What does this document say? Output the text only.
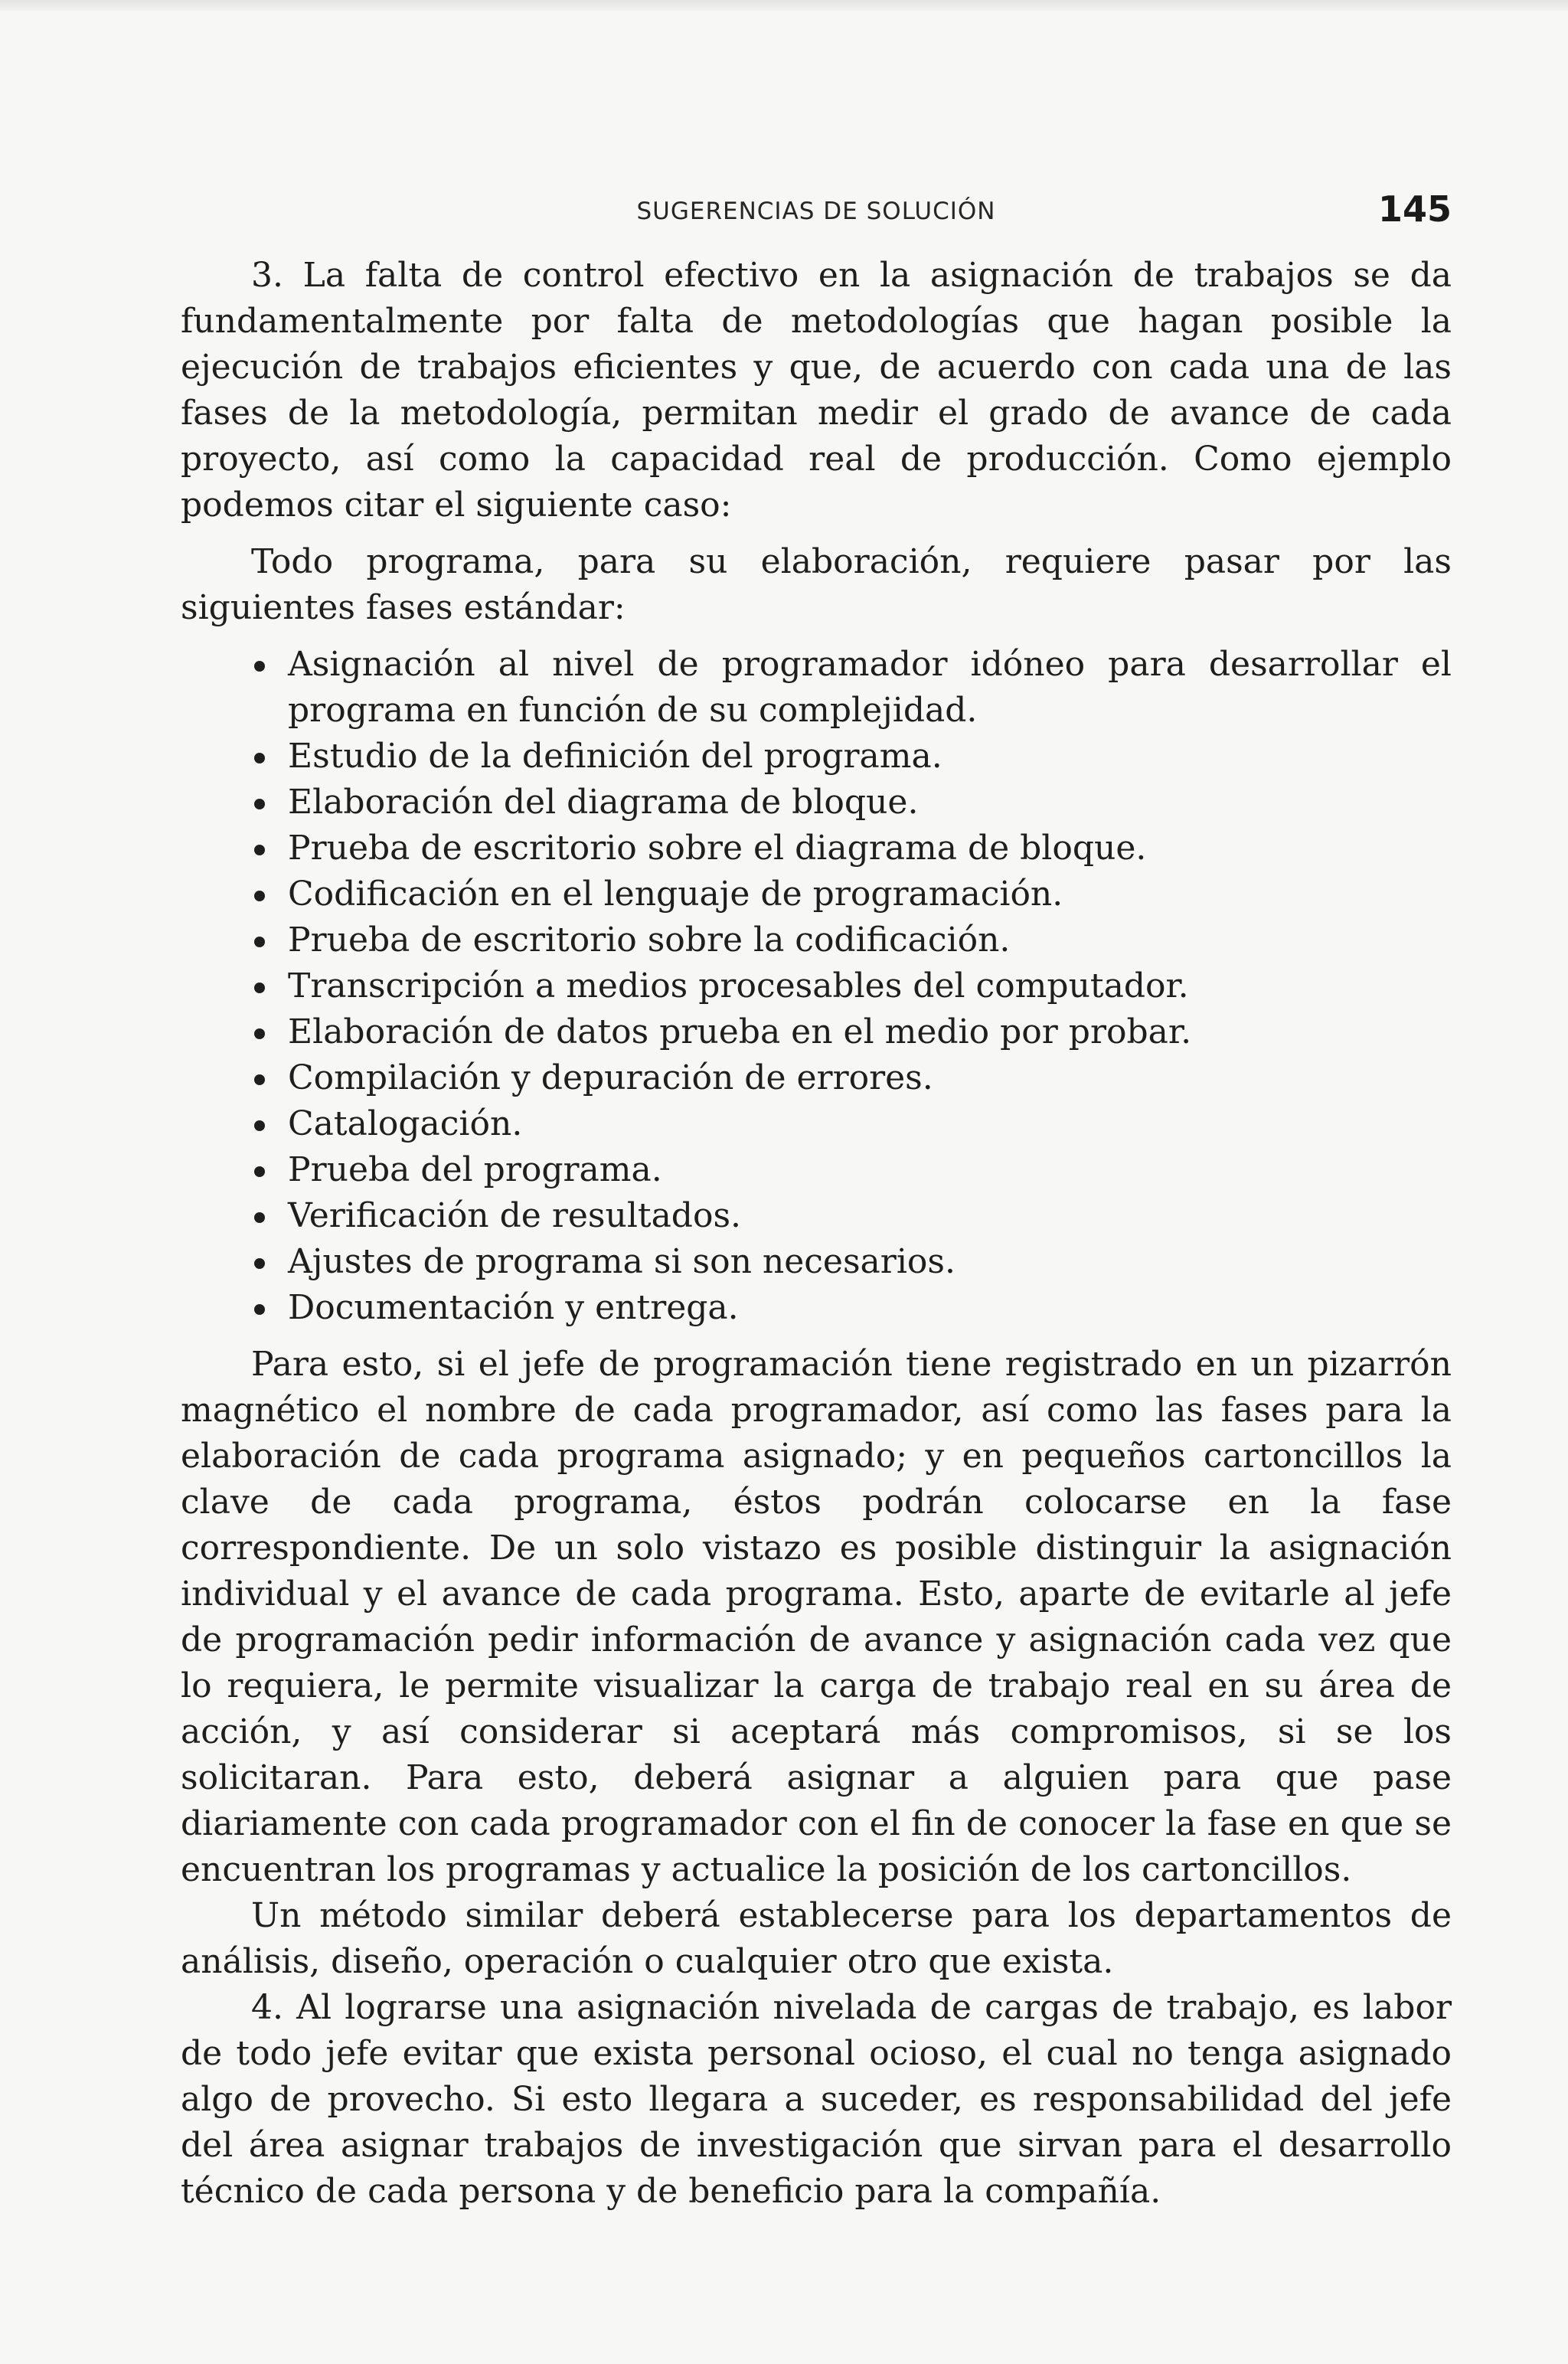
SUGERENCIAS DE SOLUCIÓN	145

3. La falta de control efectivo en la asignación de trabajos se da fundamentalmente por falta de metodologías que hagan posible la ejecución de trabajos eficientes y que, de acuerdo con cada una de las fases de la metodología, permitan medir el grado de avance de cada proyecto, así como la capacidad real de producción. Como ejemplo podemos citar el siguiente caso:

Todo programa, para su elaboración, requiere pasar por las siguientes fases estándar:

Asignación al nivel de programador idóneo para desarrollar el programa en función de su complejidad.
Estudio de la definición del programa.
Elaboración del diagrama de bloque.
Prueba de escritorio sobre el diagrama de bloque.
Codificación en el lenguaje de programación.
Prueba de escritorio sobre la codificación.
Transcripción a medios procesables del computador.
Elaboración de datos prueba en el medio por probar.
Compilación y depuración de errores.
Catalogación.
Prueba del programa.
Verificación de resultados.
Ajustes de programa si son necesarios.
Documentación y entrega.

Para esto, si el jefe de programación tiene registrado en un pizarrón magnético el nombre de cada programador, así como las fases para la elaboración de cada programa asignado; y en pequeños cartoncillos la clave de cada programa, éstos podrán colocarse en la fase correspondiente. De un solo vistazo es posible distinguir la asignación individual y el avance de cada programa. Esto, aparte de evitarle al jefe de programación pedir información de avance y asignación cada vez que lo requiera, le permite visualizar la carga de trabajo real en su área de acción, y así considerar si aceptará más compromisos, si se los solicitaran. Para esto, deberá asignar a alguien para que pase diariamente con cada programador con el fin de conocer la fase en que se encuentran los programas y actualice la posición de los cartoncillos.

Un método similar deberá establecerse para los departamentos de análisis, diseño, operación o cualquier otro que exista.

4. Al lograrse una asignación nivelada de cargas de trabajo, es labor de todo jefe evitar que exista personal ocioso, el cual no tenga asignado algo de provecho. Si esto llegara a suceder, es responsabilidad del jefe del área asignar trabajos de investigación que sirvan para el desarrollo técnico de cada persona y de beneficio para la compañía.
